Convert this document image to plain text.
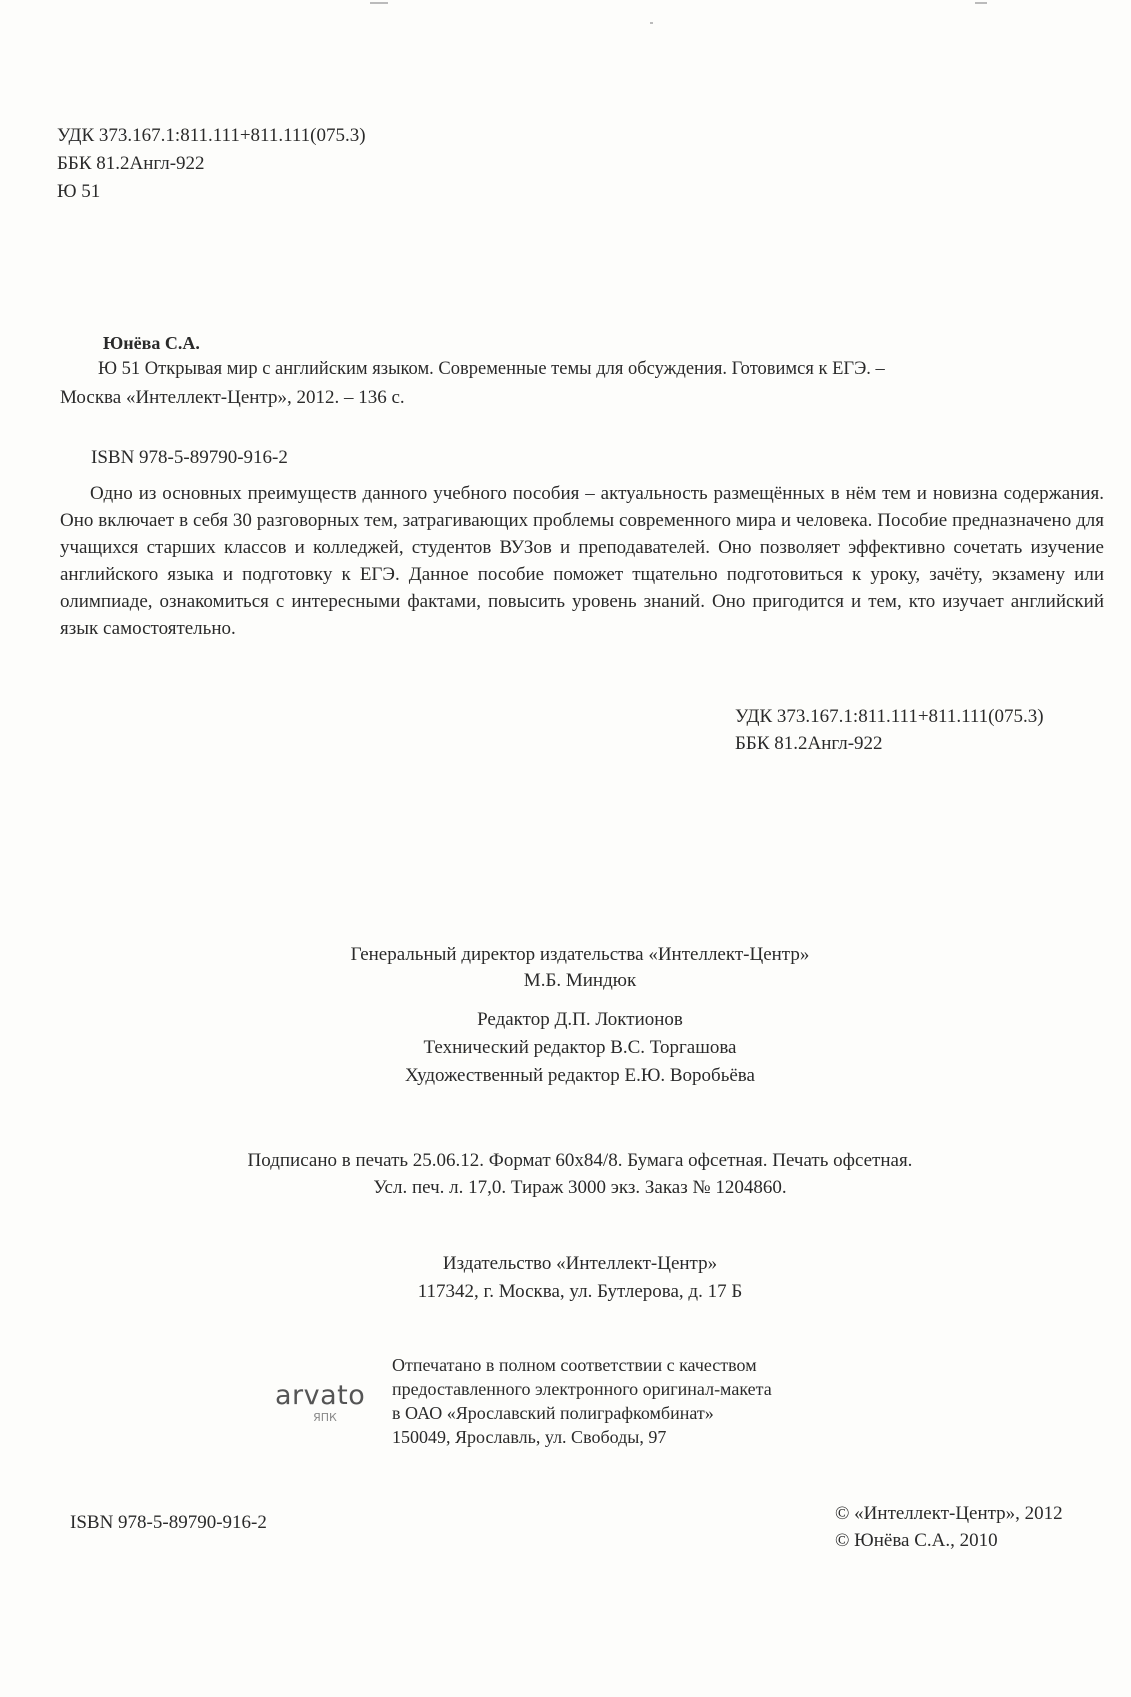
УДК 373.167.1:811.111+811.111(075.3)
ББК 81.2Англ-922
Ю 51
Юнёва С.А.
Ю 51 Открывая мир с английским языком. Современные темы для обсуждения. Готовимся к ЕГЭ. –
Москва «Интеллект-Центр», 2012. – 136 с.
ISBN 978-5-89790-916-2

Одно из основных преимуществ данного учебного пособия – актуальность размещённых в нём тем и новизна содержания. Оно включает в себя 30 разговорных тем, затрагивающих проблемы современного мира и человека. Пособие предназначено для учащихся старших классов и колледжей, студентов ВУЗов и преподавателей. Оно позволяет эффективно сочетать изучение английского языка и подготовку к ЕГЭ. Данное пособие поможет тщательно подготовиться к уроку, зачёту, экзамену или олимпиаде, ознакомиться с интересными фактами, повысить уровень знаний. Оно пригодится и тем, кто изучает английский язык самостоятельно.

УДК 373.167.1:811.111+811.111(075.3)
ББК 81.2Англ-922
Генеральный директор издательства «Интеллект-Центр»
М.Б. Миндюк
Редактор Д.П. Локтионов
Технический редактор В.С. Торгашова
Художественный редактор Е.Ю. Воробьёва
Подписано в печать 25.06.12. Формат 60x84/8. Бумага офсетная. Печать офсетная.
Усл. печ. л. 17,0. Тираж 3000 экз. Заказ № 1204860.
Издательство «Интеллект-Центр»
117342, г. Москва, ул. Бутлерова, д. 17 Б
arvato
ЯПК
Отпечатано в полном соответствии с качеством
предоставленного электронного оригинал-макета
в ОАО «Ярославский полиграфкомбинат»
150049, Ярославль, ул. Свободы, 97
ISBN 978-5-89790-916-2	© «Интеллект-Центр», 2012
© Юнёва С.А., 2010
